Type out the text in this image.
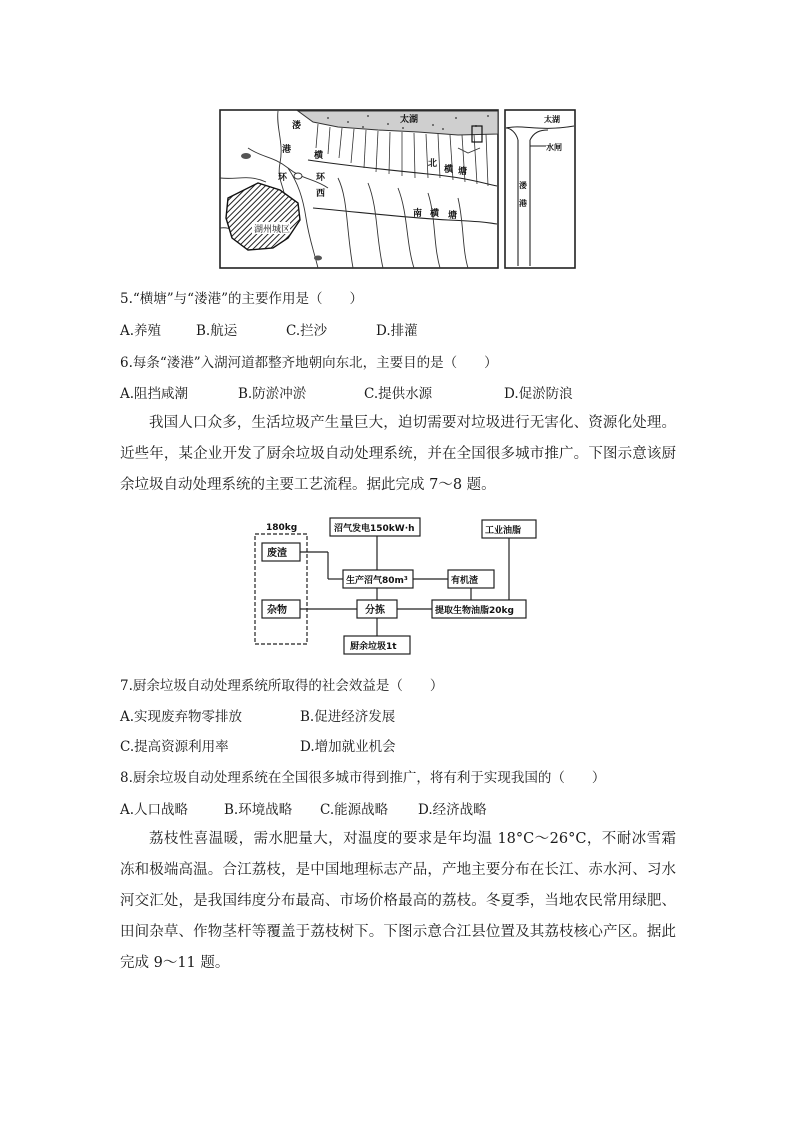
湖州城区
太湖
溇
港
横
环	环
西
北
横 塘
南 横 塘
太湖
水闸
溇
港
5.“横塘”与“溇港”的主要作用是（　　）
A.养殖	B.航运	C.拦沙	D.排灌
6.每条“溇港”入湖河道都整齐地朝向东北，主要目的是（　　）
A.阻挡咸潮	B.防淤冲淤	C.提供水源	D.促淤防浪
我国人口众多，生活垃圾产生量巨大，迫切需要对垃圾进行无害化、资源化处理。近些年，某企业开发了厨余垃圾自动处理系统，并在全国很多城市推广。下图示意该厨余垃圾自动处理系统的主要工艺流程。据此完成 7～8 题。
180kg
废渣
杂物
沼气发电150kW·h
生产沼气80m³
分拣
有机渣
工业油脂
提取生物油脂20kg
厨余垃圾1t
7.厨余垃圾自动处理系统所取得的社会效益是（　　）
A.实现废弃物零排放	B.促进经济发展
C.提高资源利用率	D.增加就业机会
8.厨余垃圾自动处理系统在全国很多城市得到推广，将有利于实现我国的（　　）
A.人口战略	B.环境战略 C.能源战略 D.经济战略
荔枝性喜温暖，需水肥量大，对温度的要求是年均温 18°C～26°C，不耐冰雪霜冻和极端高温。合江荔枝，是中国地理标志产品，产地主要分布在长江、赤水河、习水河交汇处，是我国纬度分布最高、市场价格最高的荔枝。冬夏季，当地农民常用绿肥、田间杂草、作物茎杆等覆盖于荔枝树下。下图示意合江县位置及其荔枝核心产区。据此完成 9～11 题。
